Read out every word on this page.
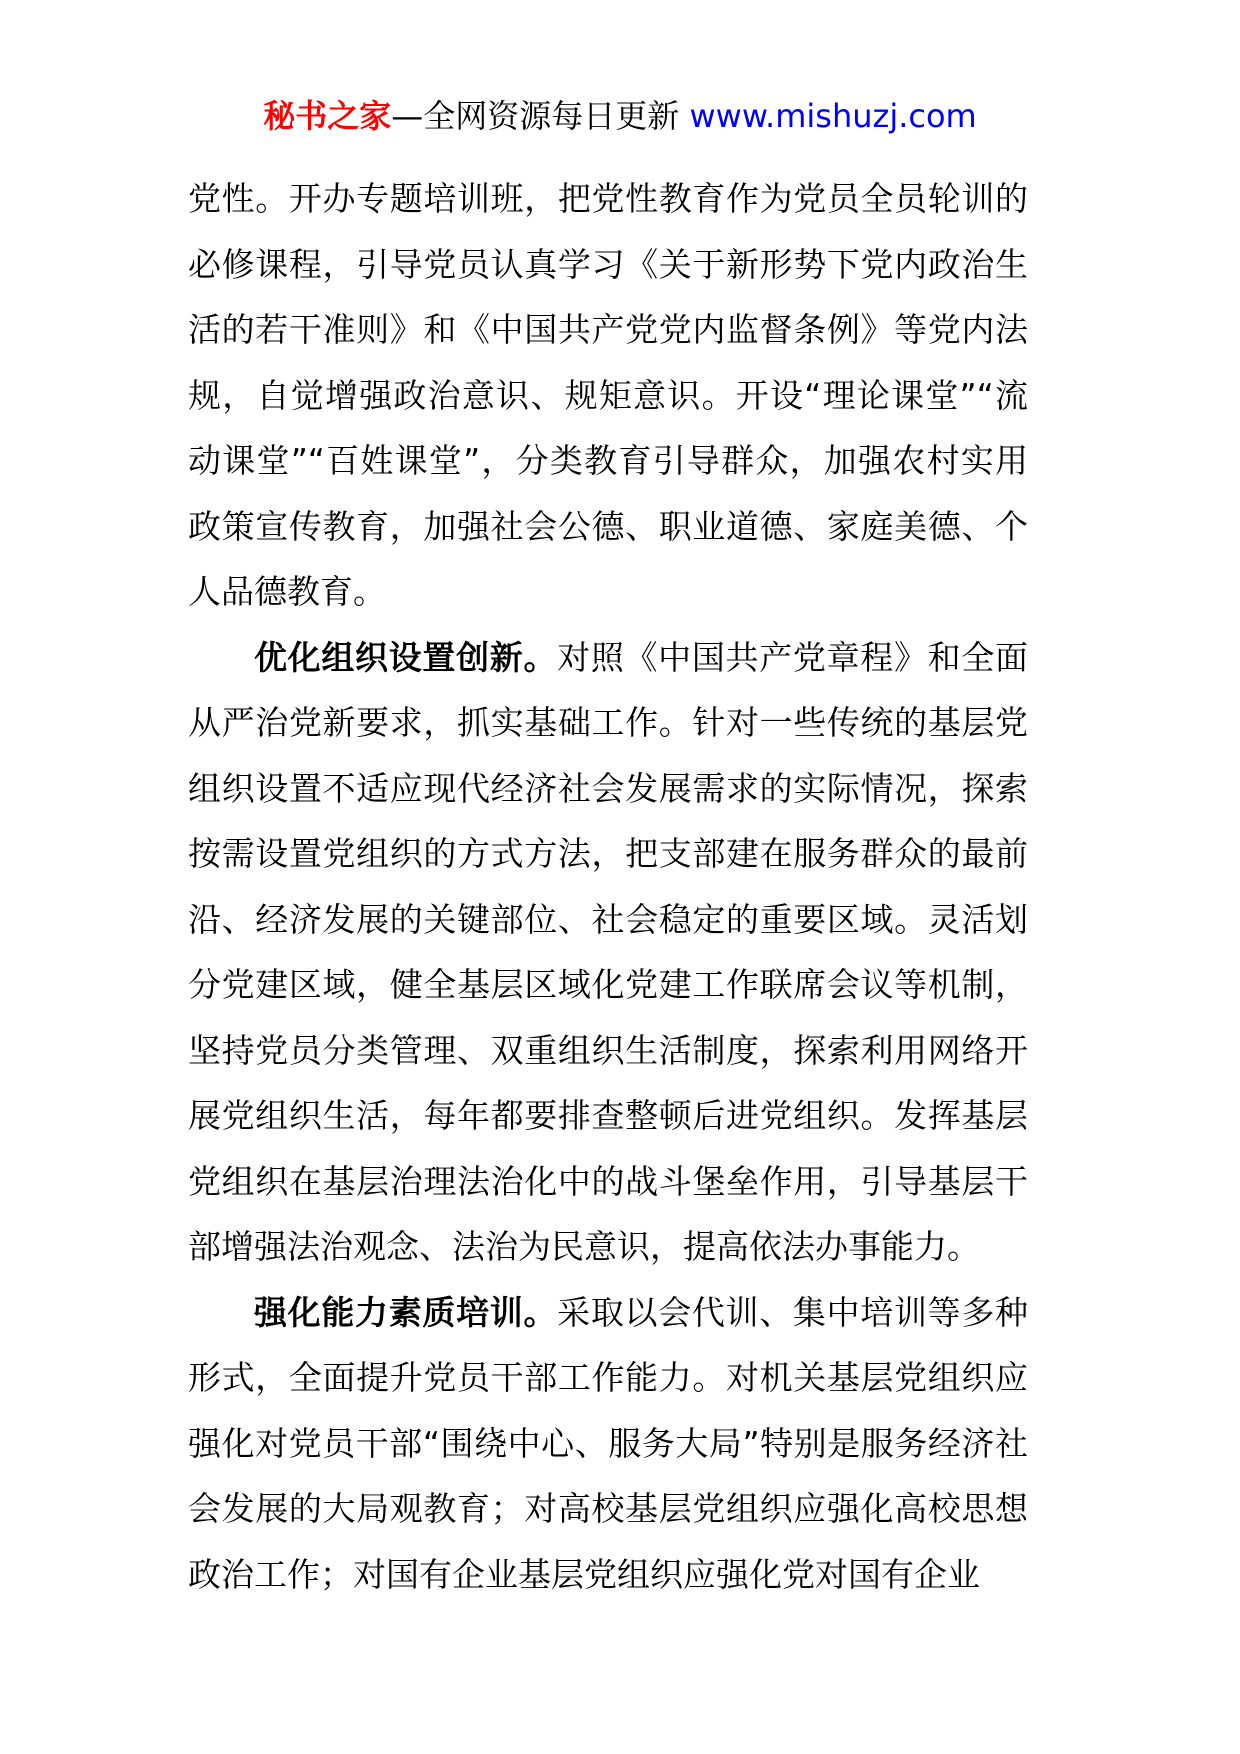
秘书之家—全网资源每日更新 www.mishuzj.com

党性。开办专题培训班，把党性教育作为党员全员轮训的必修课程，引导党员认真学习《关于新形势下党内政治生活的若干准则》和《中国共产党党内监督条例》等党内法规，自觉增强政治意识、规矩意识。开设“理论课堂”“流动课堂”“百姓课堂”，分类教育引导群众，加强农村实用政策宣传教育，加强社会公德、职业道德、家庭美德、个人品德教育。

优化组织设置创新。对照《中国共产党章程》和全面从严治党新要求，抓实基础工作。针对一些传统的基层党组织设置不适应现代经济社会发展需求的实际情况，探索按需设置党组织的方式方法，把支部建在服务群众的最前沿、经济发展的关键部位、社会稳定的重要区域。灵活划分党建区域，健全基层区域化党建工作联席会议等机制，坚持党员分类管理、双重组织生活制度，探索利用网络开展党组织生活，每年都要排查整顿后进党组织。发挥基层党组织在基层治理法治化中的战斗堡垒作用，引导基层干部增强法治观念、法治为民意识，提高依法办事能力。

强化能力素质培训。采取以会代训、集中培训等多种形式，全面提升党员干部工作能力。对机关基层党组织应强化对党员干部“围绕中心、服务大局”特别是服务经济社会发展的大局观教育；对高校基层党组织应强化高校思想政治工作；对国有企业基层党组织应强化党对国有企业
